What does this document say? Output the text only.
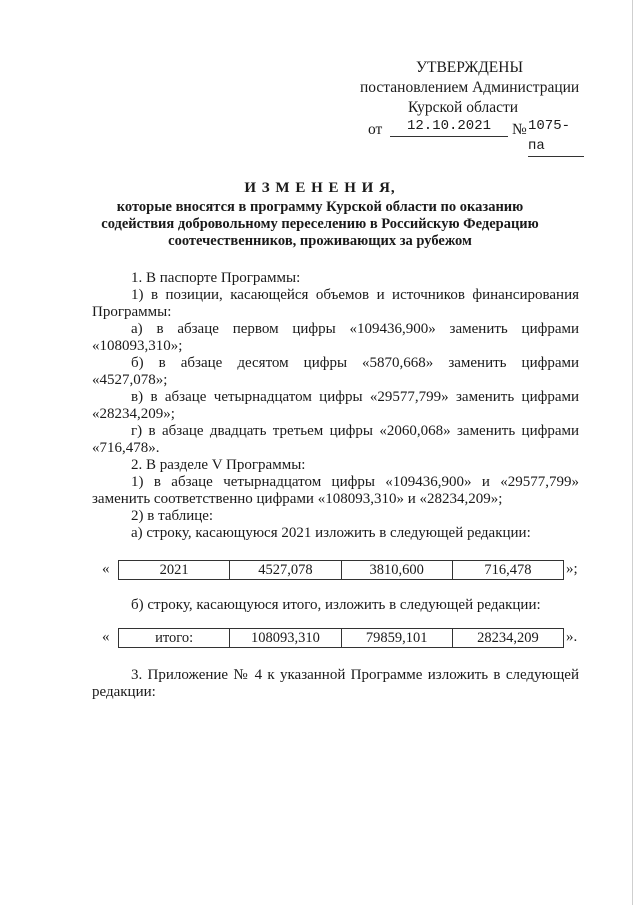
УТВЕРЖДЕНЫ
постановлением Администрации
Курской области
от	12.10.2021	№ 1075-па
И З М Е Н Е Н И Я,
которые вносятся в программу Курской области по оказанию
содействия добровольному переселению в Российскую Федерацию
соотечественников, проживающих за рубежом

1. В паспорте Программы:

1) в позиции, касающейся объемов и источников финансирования

Программы:

а) в абзаце первом цифры «109436,900» заменить цифрами

«108093,310»;

б) в абзаце десятом цифры «5870,668» заменить цифрами

«4527,078»;

в) в абзаце четырнадцатом цифры «29577,799» заменить цифрами

«28234,209»;

г) в абзаце двадцать третьем цифры «2060,068» заменить цифрами

«716,478».

2. В разделе V Программы:

1) в абзаце четырнадцатом цифры «109436,900» и «29577,799»

заменить соответственно цифрами «108093,310» и «28234,209»;

2) в таблице:

а) строку, касающуюся 2021 изложить в следующей редакции:

«	2021	4527,078	3810,600	716,478	»;

б) строку, касающуюся итого, изложить в следующей редакции:

«	итого:	108093,310	79859,101	28234,209	».

3. Приложение № 4 к указанной Программе изложить в следующей

редакции:
